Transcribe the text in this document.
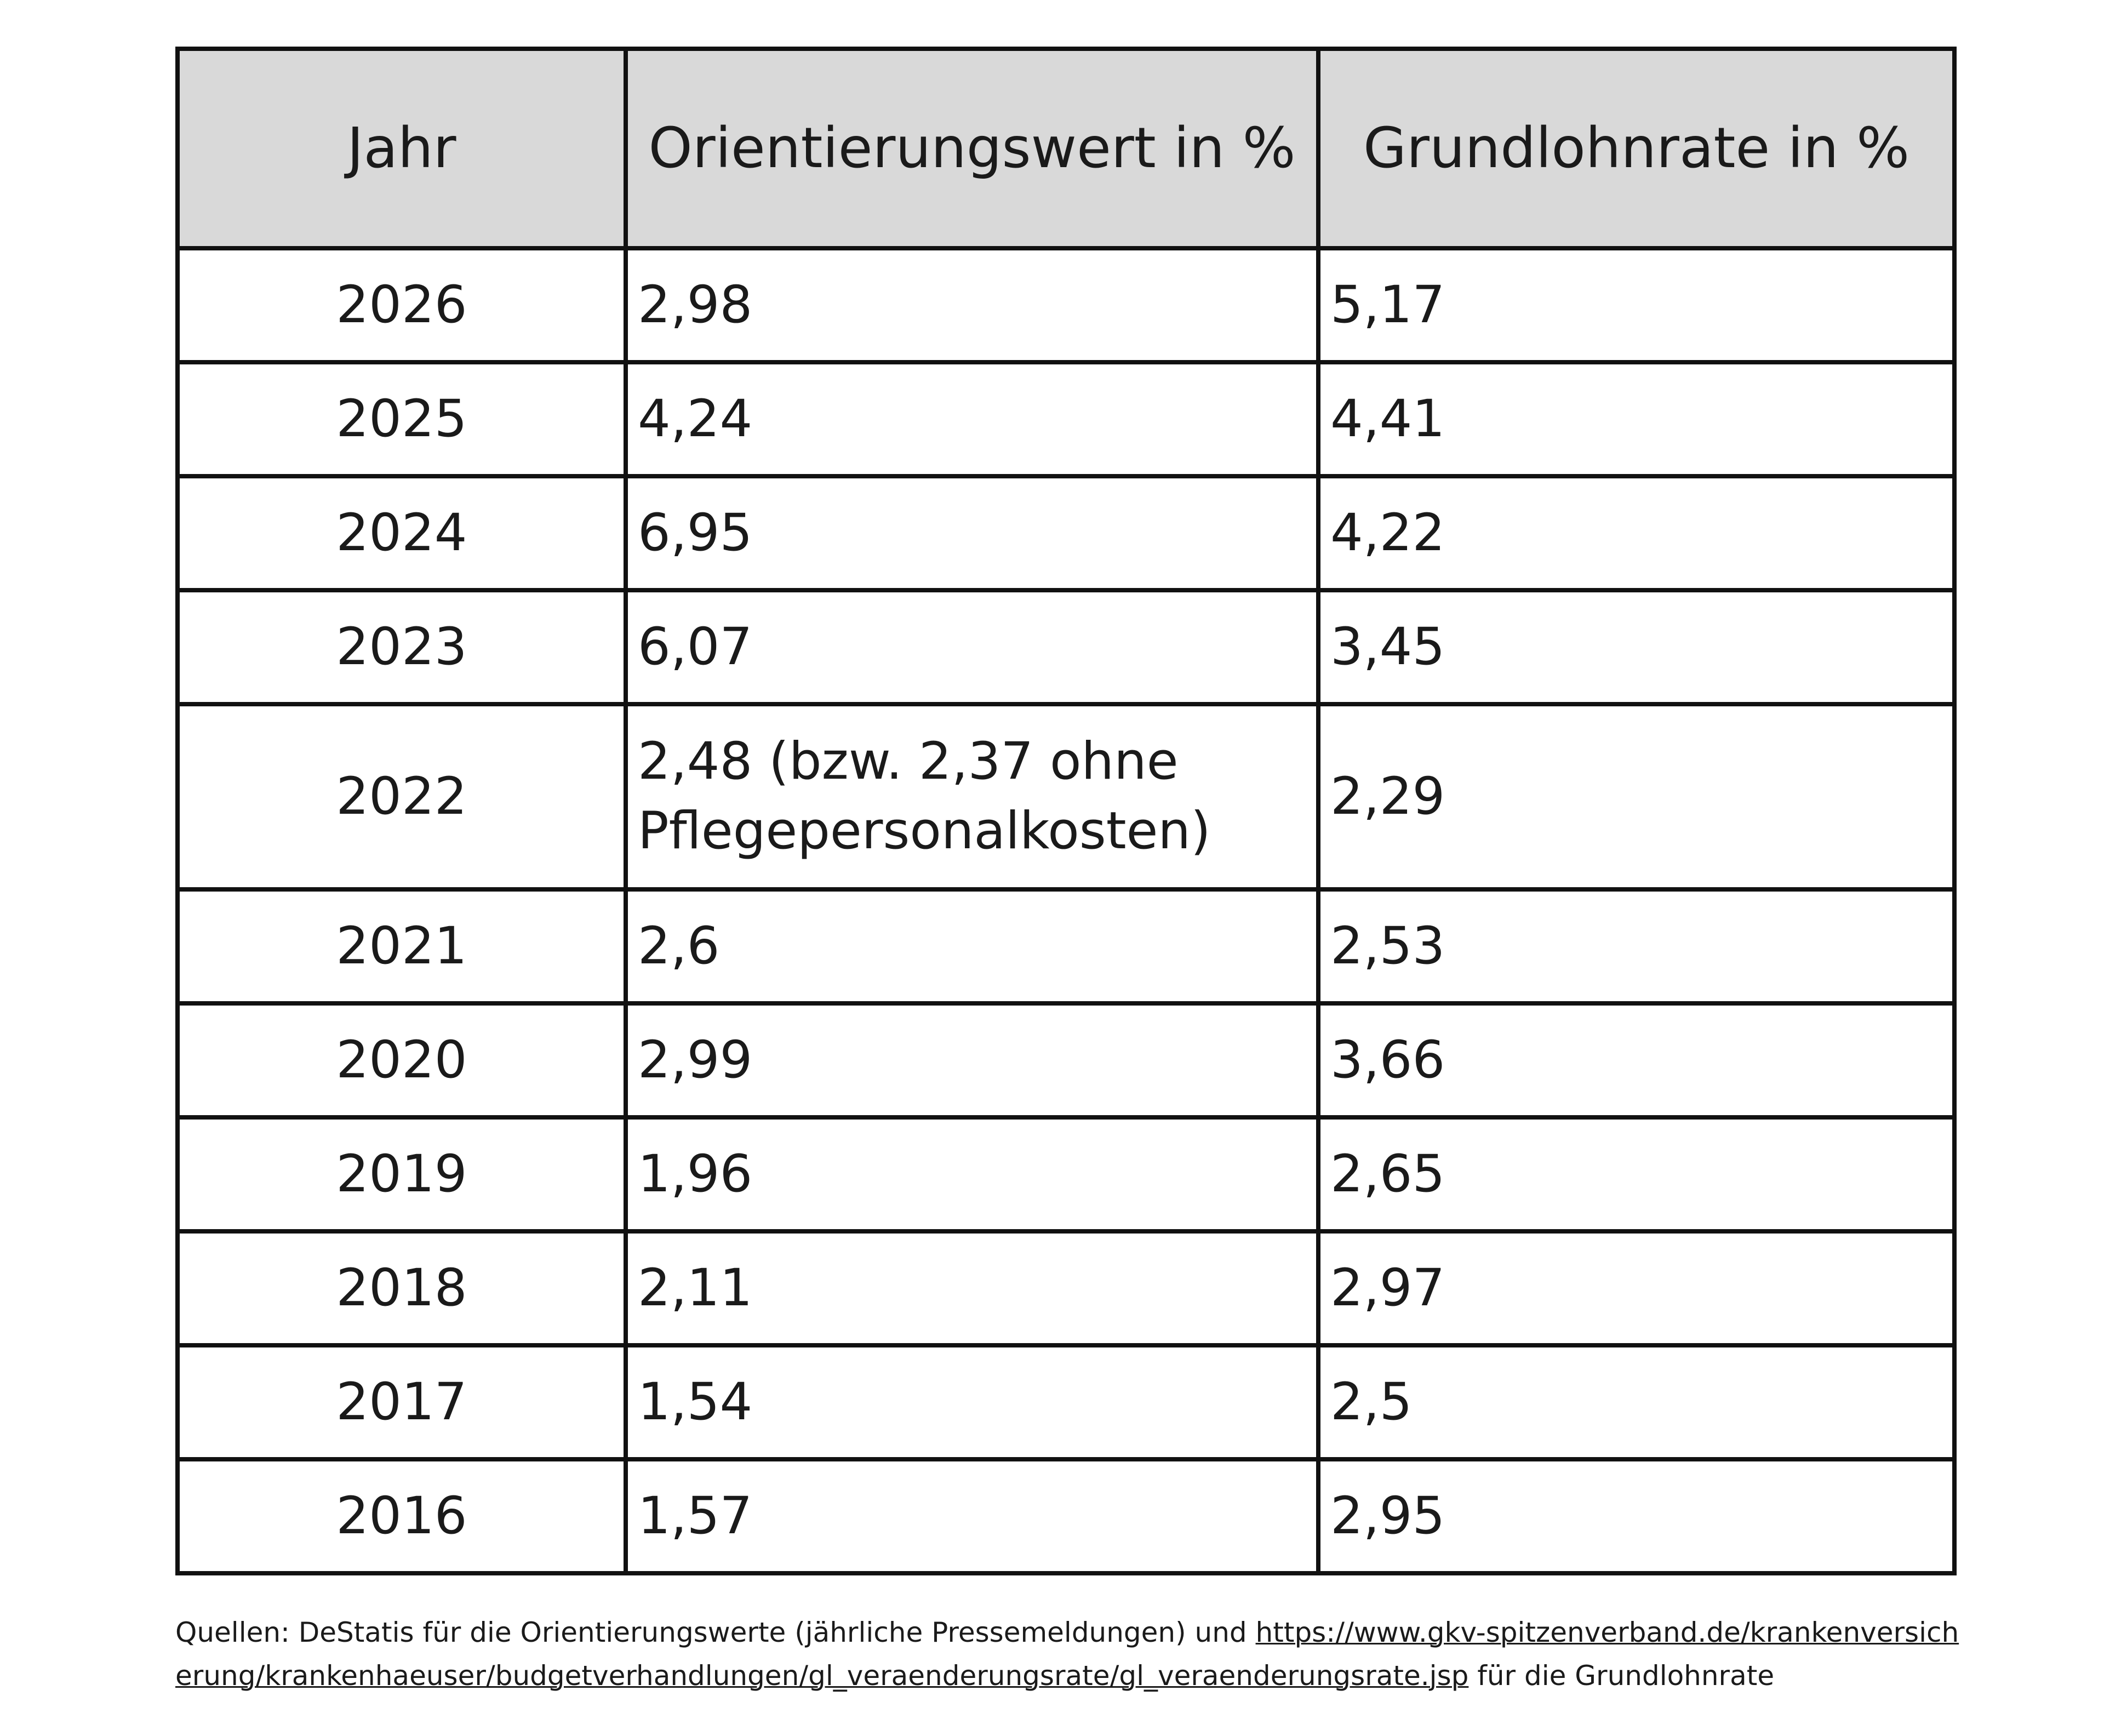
Jahr	Orientierungswert in %	Grundlohnrate in %
2026	2,98	5,17
2025	4,24	4,41
2024	6,95	4,22
2023	6,07	3,45
2022	2,48 (bzw. 2,37 ohne Pflegepersonalkosten)	2,29
2021	2,6	2,53
2020	2,99	3,66
2019	1,96	2,65
2018	2,11	2,97
2017	1,54	2,5
2016	1,57	2,95

Quellen: DeStatis für die Orientierungswerte (jährliche Pressemeldungen) und https://www.gkv-spitzenverband.de/krankenversicherung/krankenhaeuser/budgetverhandlungen/gl_veraenderungsrate/gl_veraenderungsrate.jsp für die Grundlohnrate
